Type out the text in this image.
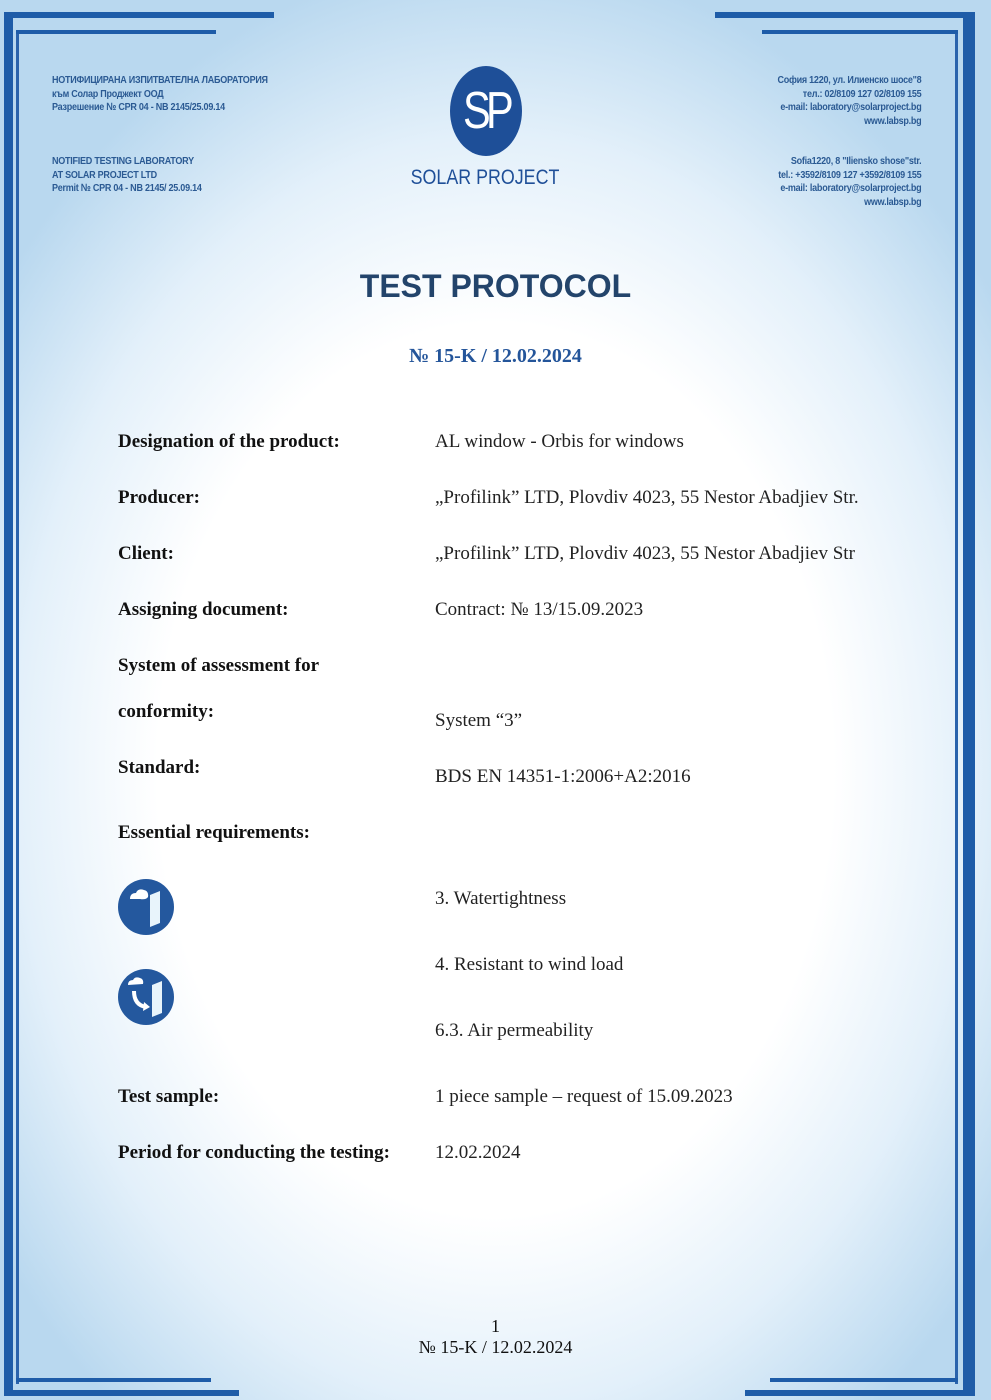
НОТИФИЦИРАНА ИЗПИТВАТЕЛНА ЛАБОРАТОРИЯ
към Солар Проджект ООД
Разрешение № CPR 04 - NB 2145/25.09.14
NOTIFIED TESTING LABORATORY
AT SOLAR PROJECT LTD
Permit № CPR 04 - NB 2145/ 25.09.14
SP
SOLAR PROJECT
София 1220, ул. Илиенско шосе"8
тел.: 02/8109 127 02/8109 155
e-mail: laboratory@solarproject.bg
www.labsp.bg
Sofia1220, 8 "Iliensko shose"str.
tel.: +3592/8109 127 +3592/8109 155
e-mail: laboratory@solarproject.bg
www.labsp.bg
TEST PROTOCOL
№ 15-K / 12.02.2024
Designation of the product:	AL window - Orbis for windows
Producer:	„Profilink” LTD, Plovdiv 4023, 55 Nestor Abadjiev Str.
Client:	„Profilink” LTD, Plovdiv 4023, 55 Nestor Abadjiev Str
Assigning document:	Contract: № 13/15.09.2023
System of assessment for
conformity:	System “3”
Standard:	BDS EN 14351-1:2006+A2:2016
Essential requirements:
3. Watertightness
4. Resistant to wind load
6.3. Air permeability
Test sample:	1 piece sample – request of 15.09.2023
Period for conducting the testing: 12.02.2024
1
№ 15-K / 12.02.2024
